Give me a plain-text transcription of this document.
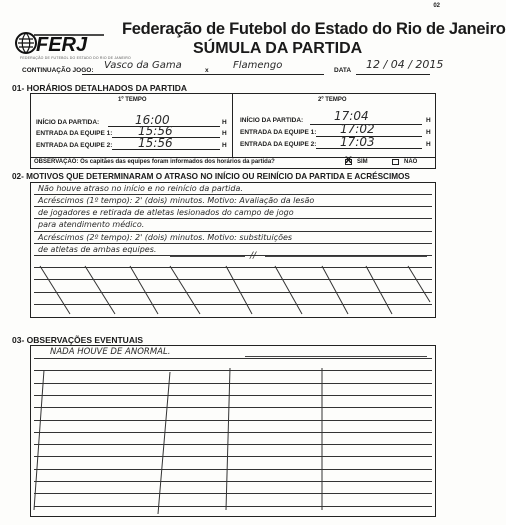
02
FERJ
FEDERAÇÃO DE FUTEBOL DO ESTADO DO RIO DE JANEIRO
Federação de Futebol do Estado do Rio de Janeiro
SÚMULA DA PARTIDA
CONTINUAÇÃO JOGO: Vasco da Gama	x Flamengo	DATA 12 / 04 / 2015
01- HORÁRIOS DETALHADOS DA PARTIDA
1º TEMPO	2º TEMPO
INÍCIO DA PARTIDA:	16:00	H
ENTRADA DA EQUIPE 1: 15:56	H
ENTRADA DA EQUIPE 2: 15:56	H
INÍCIO DA PARTIDA:	17:04	H
ENTRADA DA EQUIPE 1: 17:02	H
ENTRADA DA EQUIPE 2: 17:03	H
OBSERVAÇÃO: Os capitães das equipes foram informados dos horários da partida?	X SIM	NÃO
02- MOTIVOS QUE DETERMINARAM O ATRASO NO INÍCIO OU REINÍCIO DA PARTIDA E ACRÉSCIMOS
Não houve atraso no início e no reinício da partida.
Acréscimos (1º tempo): 2' (dois) minutos. Motivo: Avaliação da lesão
de jogadores e retirada de atletas lesionados do campo de jogo
para atendimento médico.
Acréscimos (2º tempo): 2' (dois) minutos. Motivo: substituições
de atletas de ambas equipes.
//
03- OBSERVAÇÕES EVENTUAIS
NADA HOUVE DE ANORMAL.
